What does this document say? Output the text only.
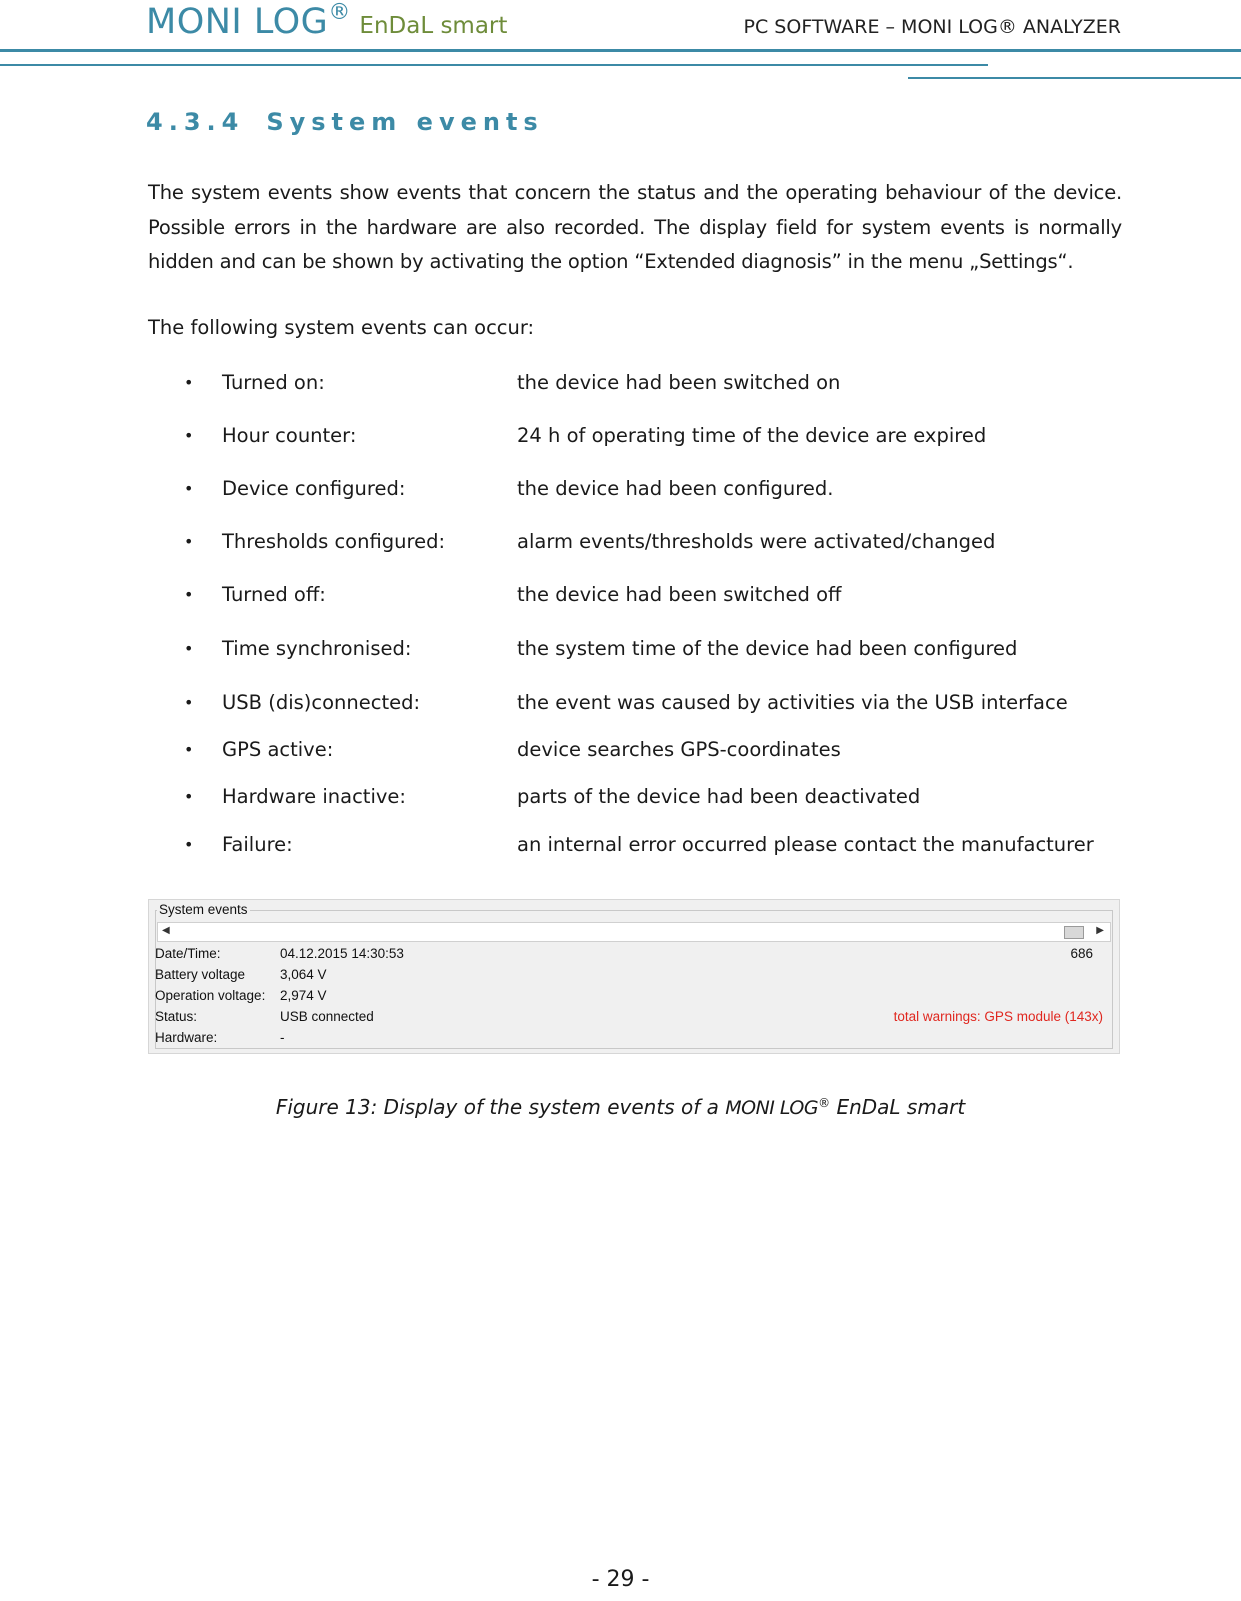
MONI LOG® EnDaL smart	PC SOFTWARE – MONI LOG® ANALYZER
4.3.4 System events

The system events show events that concern the status and the operating behaviour of the device. Possible errors in the hardware are also recorded. The display field for system events is normally hidden and can be shown by activating the option “Extended diagnosis” in the menu „Settings“.

The following system events can occur:

• Turned on:	the device had been switched on
• Hour counter:	24 h of operating time of the device are expired
• Device configured:	the device had been configured.
• Thresholds configured:	alarm events/thresholds were activated/changed
• Turned off:	the device had been switched off
• Time synchronised:	the system time of the device had been configured
• USB (dis)connected:	the event was caused by activities via the USB interface
• GPS active:	device searches GPS-coordinates
• Hardware inactive:	parts of the device had been deactivated
• Failure:	an internal error occurred please contact the manufacturer
System events
◀	▶
Date/Time:	04.12.2015 14:30:53	686
Battery voltage	3,064 V
Operation voltage: 2,974 V
Status:	USB connected	total warnings: GPS module (143x)
Hardware:	-

Figure 13: Display of the system events of a MONI LOG® EnDaL smart

- 29 -
